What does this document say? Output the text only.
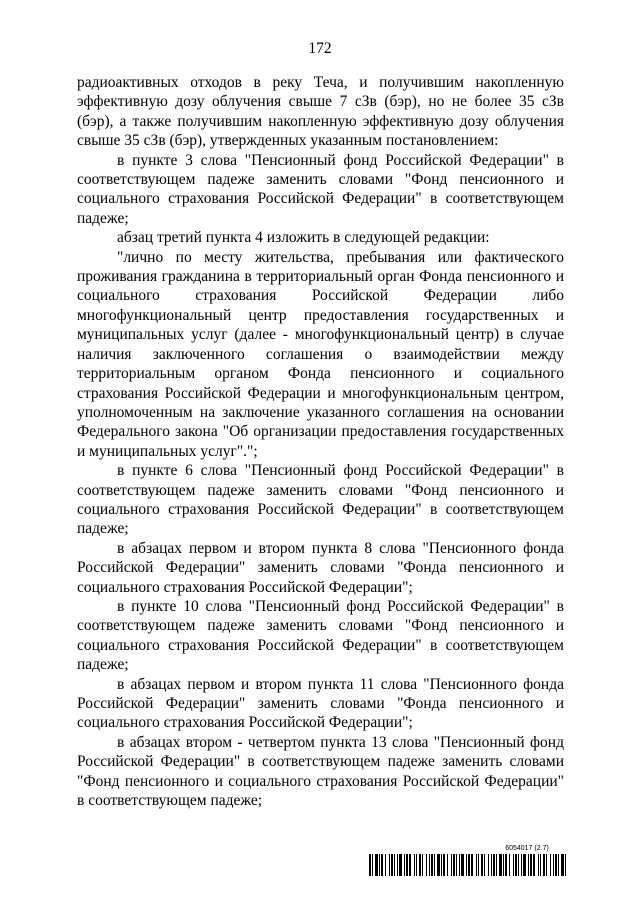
172

радиоактивных отходов в реку Теча, и получившим накопленную эффективную дозу облучения свыше 7 сЗв (бэр), но не более 35 сЗв (бэр), а также получившим накопленную эффективную дозу облучения свыше 35 сЗв (бэр), утвержденных указанным постановлением:

в пункте 3 слова "Пенсионный фонд Российской Федерации" в соответствующем падеже заменить словами "Фонд пенсионного и социального страхования Российской Федерации" в соответствующем падеже;

абзац третий пункта 4 изложить в следующей редакции:

"лично по месту жительства, пребывания или фактического проживания гражданина в территориальный орган Фонда пенсионного и социального страхования Российской Федерации либо многофункциональный центр предоставления государственных и муниципальных услуг (далее - многофункциональный центр) в случае наличия заключенного соглашения о взаимодействии между территориальным органом Фонда пенсионного и социального страхования Российской Федерации и многофункциональным центром, уполномоченным на заключение указанного соглашения на основании Федерального закона "Об организации предоставления государственных и муниципальных услуг".";

в пункте 6 слова "Пенсионный фонд Российской Федерации" в соответствующем падеже заменить словами "Фонд пенсионного и социального страхования Российской Федерации" в соответствующем падеже;

в абзацах первом и втором пункта 8 слова "Пенсионного фонда Российской Федерации" заменить словами "Фонда пенсионного и социального страхования Российской Федерации";

в пункте 10 слова "Пенсионный фонд Российской Федерации" в соответствующем падеже заменить словами "Фонд пенсионного и социального страхования Российской Федерации" в соответствующем падеже;

в абзацах первом и втором пункта 11 слова "Пенсионного фонда Российской Федерации" заменить словами "Фонда пенсионного и социального страхования Российской Федерации";

в абзацах втором - четвертом пункта 13 слова "Пенсионный фонд Российской Федерации" в соответствующем падеже заменить словами "Фонд пенсионного и социального страхования Российской Федерации" в соответствующем падеже;

6054017 (2.7)
